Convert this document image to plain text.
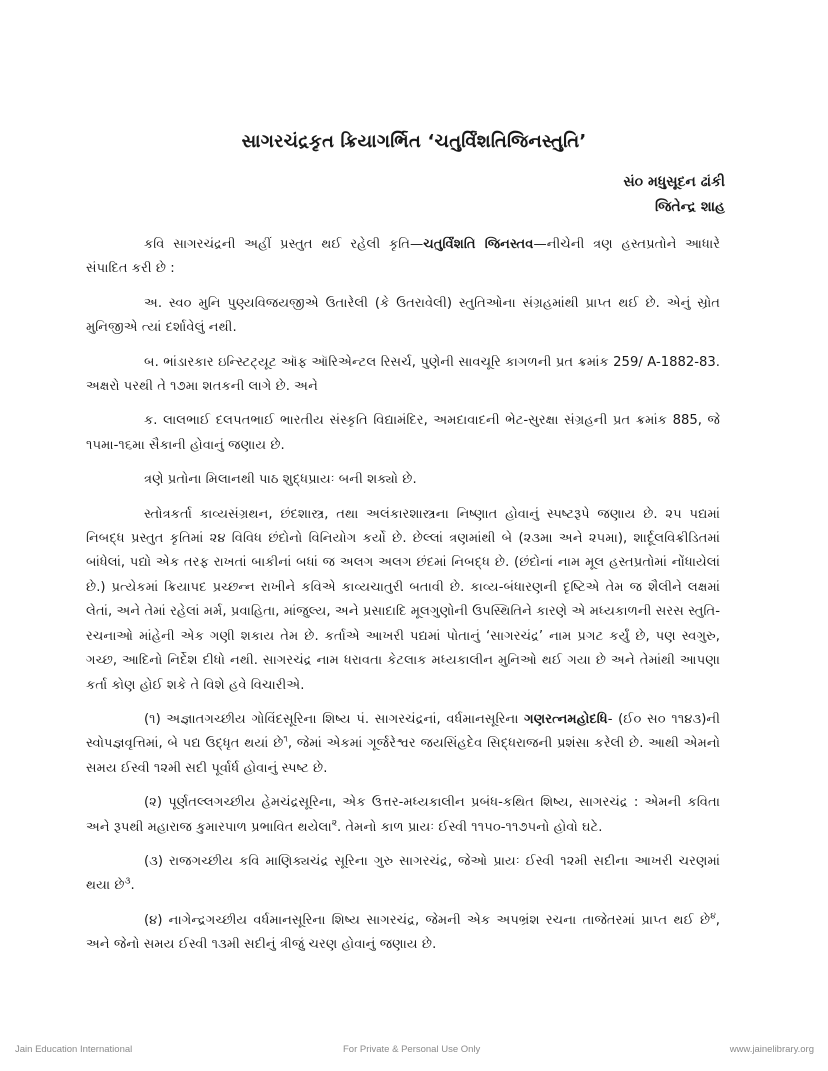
સાગરચંદ્રકૃત ક્રિયાગર્ભિત ‘ચતુર્વિંશતિજિનસ્તુતિ’
સં૦ મધુસૂદન ઢાંકી
જિતેન્દ્ર શાહ

કવિ સાગરચંદ્રની અહીં પ્રસ્તુત થઈ રહેલી કૃતિ—ચતુર્વિંશતિ જિનસ્તવ—નીચેની ત્રણ હસ્તપ્રતોને આધારે સંપાદિત કરી છે :

અ. સ્વ૦ મુનિ પુણ્યવિજયજીએ ઉતારેલી (કે ઉતરાવેલી) સ્તુતિઓના સંગ્રહમાંથી પ્રાપ્ત થઈ છે. એનું સ્રોત મુનિજીએ ત્યાં દર્શાવેલું નથી.

બ. ભાંડારકાર ઇન્સ્ટિટ્યૂટ ઑફ ઑરિએન્ટલ રિસર્ચ, પુણેની સાવચૂરિ કાગળની પ્રત ક્રમાંક 259/ A-1882-83. અક્ષરો પરથી તે ૧૭મા શતકની લાગે છે. અને

ક. લાલભાઈ દલપતભાઈ ભારતીય સંસ્કૃતિ વિદ્યામંદિર, અમદાવાદની ભેટ-સુરક્ષા સંગ્રહની પ્રત ક્રમાંક 885, જે ૧૫મા-૧૬મા સૈકાની હોવાનું જણાય છે.

ત્રણે પ્રતોના મિલાનથી પાઠ શુદ્ધપ્રાયઃ બની શક્યો છે.

સ્તોત્રકર્તા કાવ્યસંગ્રથન, છંદશાસ્ત્ર, તથા અલંકારશાસ્ત્રના નિષ્ણાત હોવાનું સ્પષ્ટરૂપે જણાય છે. ૨૫ પદ્યમાં નિબદ્ધ પ્રસ્તુત કૃતિમાં ૨૪ વિવિધ છંદોનો વિનિયોગ કર્યો છે. છેલ્લાં ત્રણમાંથી બે (૨૩મા અને ૨૫મા), શાર્દૂલવિક્રીડિતમાં બાંધેલાં, પદ્યો એક તરફ રાખતાં બાકીનાં બધાં જ અલગ અલગ છંદમાં નિબદ્ધ છે. (છંદોનાં નામ મૂલ હસ્તપ્રતોમાં નોંધાયેલાં છે.) પ્રત્યેકમાં ક્રિયાપદ પ્રચ્છન્ન રાખીને કવિએ કાવ્યચાતુરી બતાવી છે. કાવ્ય-બંધારણની દૃષ્ટિએ તેમ જ શૈલીને લક્ષમાં લેતાં, અને તેમાં રહેલાં મર્મ, પ્રવાહિતા, માંજુલ્ય, અને પ્રસાદાદિ મૂલગુણોની ઉપસ્થિતિને કારણે એ મધ્યકાળની સરસ સ્તુતિ-રચનાઓ માંહેની એક ગણી શકાય તેમ છે. કર્તાએ આખરી પદ્યમાં પોતાનું ‘સાગરચંદ્ર’ નામ પ્રગટ કર્યું છે, પણ સ્વગુરુ, ગચ્છ, આદિનો નિર્દેશ દીધો નથી. સાગરચંદ્ર નામ ધરાવતા કેટલાક મધ્યકાલીન મુનિઓ થઈ ગયા છે અને તેમાંથી આપણા કર્તા કોણ હોઈ શકે તે વિશે હવે વિચારીએ.

(૧) અજ્ઞાતગચ્છીય ગોવિંદસૂરિના શિષ્ય પં. સાગરચંદ્રનાં, વર્ધમાનસૂરિના ગણરત્નમહોદધિ- (ઈ૦ સ૦ ૧૧૪૩)ની સ્વોપજ્ઞવૃત્તિમાં, બે પદ્ય ઉદ્ધૃત થયાં છે$^૧$, જેમાં એકમાં ગૂર્જરેશ્વર જયસિંહદેવ સિદ્ધરાજની પ્રશંસા કરેલી છે. આથી એમનો સમય ઈસ્વી ૧૨મી સદી પૂર્વાર્ધ હોવાનું સ્પષ્ટ છે.

(૨) પૂર્ણતલ્લગચ્છીય હેમચંદ્રસૂરિના, એક ઉત્તર-મધ્યકાલીન પ્રબંધ-કથિત શિષ્ય, સાગરચંદ્ર : એમની કવિતા અને રૂપથી મહારાજ કુમારપાળ પ્રભાવિત થયેલા$^૨$. તેમનો કાળ પ્રાયઃ ઈસ્વી ૧૧૫૦-૧૧૭૫નો હોવો ઘટે.

(૩) રાજગચ્છીય કવિ માણિક્યચંદ્ર સૂરિના ગુરુ સાગરચંદ્ર, જેઓ પ્રાયઃ ઈસ્વી ૧૨મી સદીના આખરી ચરણમાં થયા છે$^૩$.

(૪) નાગેન્દ્રગચ્છીય વર્ધમાનસૂરિના શિષ્ય સાગરચંદ્ર, જેમની એક અપભ્રંશ રચના તાજેતરમાં પ્રાપ્ત થઈ છે$^૪$, અને જેનો સમય ઈસ્વી ૧૩મી સદીનું ત્રીજું ચરણ હોવાનું જણાય છે.

Jain Education International	For Private & Personal Use Only	www.jainelibrary.org
